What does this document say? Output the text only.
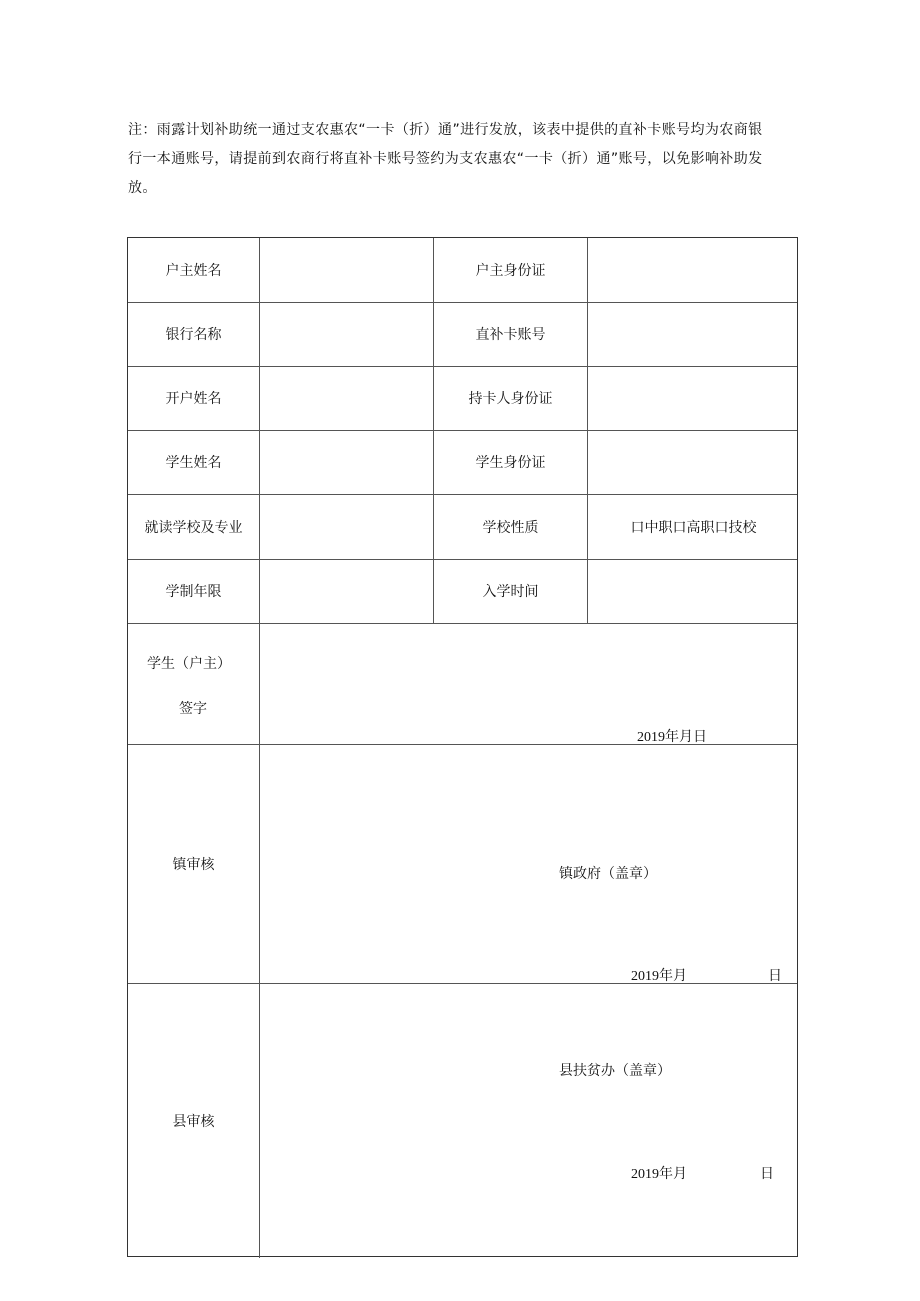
注：雨露计划补助统一通过支农惠农“一卡（折）通”进行发放，该表中提供的直补卡账号均为农商银
行一本通账号，请提前到农商行将直补卡账号签约为支农惠农“一卡（折）通”账号，以免影响补助发
放。
户主姓名	户主身份证
银行名称	直补卡账号
开户姓名	持卡人身份证
学生姓名	学生身份证
就读学校及专业	学校性质	口中职口高职口技校
学制年限	入学时间
学生（户主）
签字
2019年月日
镇审核
镇政府（盖章）
2019年月	日
县审核
县扶贫办（盖章）
2019年月	日
